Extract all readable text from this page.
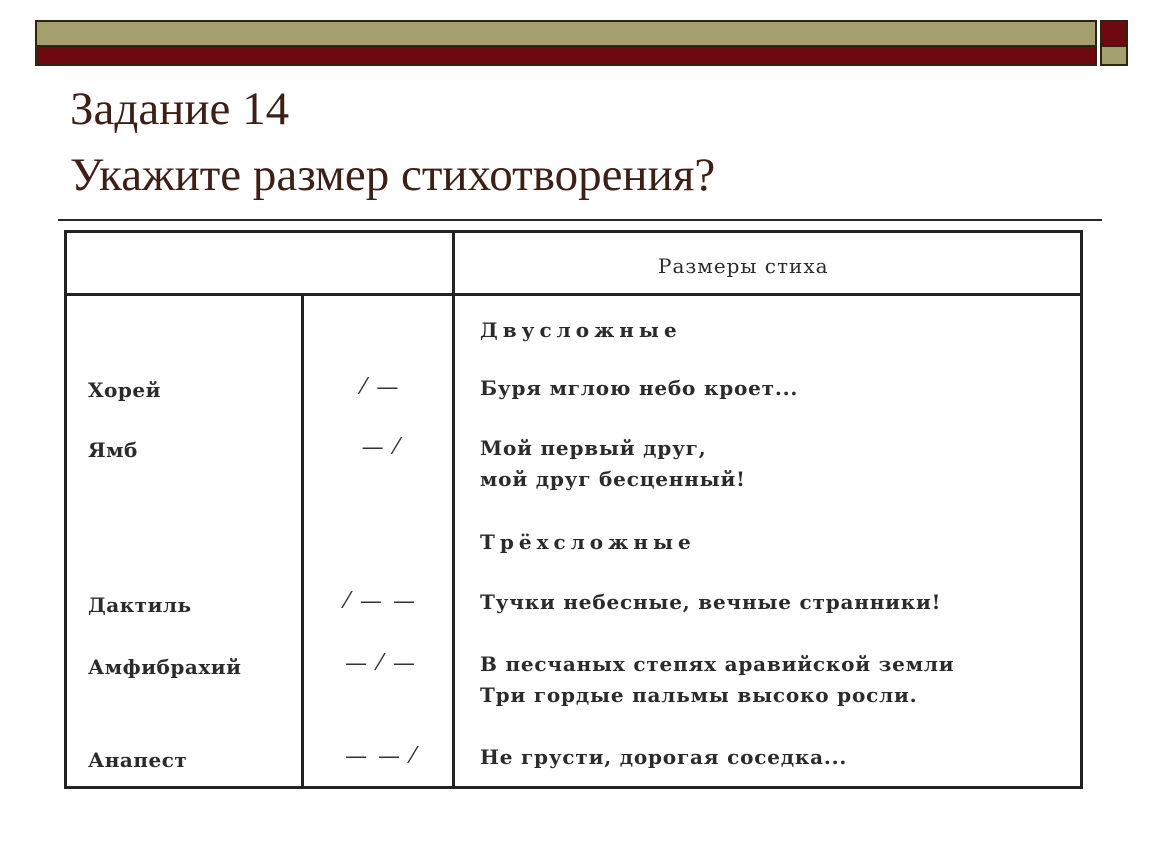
Задание 14
Укажите размер стихотворения?
Размеры стиха
Двусложные
Хорей	⁄ —	Буря мглою небо кроет...
Ямб	— ⁄	Мой первый друг,
мой друг бесценный!
Трёхсложные
Дактиль	⁄ — —	Тучки небесные, вечные странники!
Амфибрахий	— ⁄ —	В песчаных степях аравийской земли
Три гордые пальмы высоко росли.
Анапест	— — ⁄	Не грусти, дорогая соседка...
